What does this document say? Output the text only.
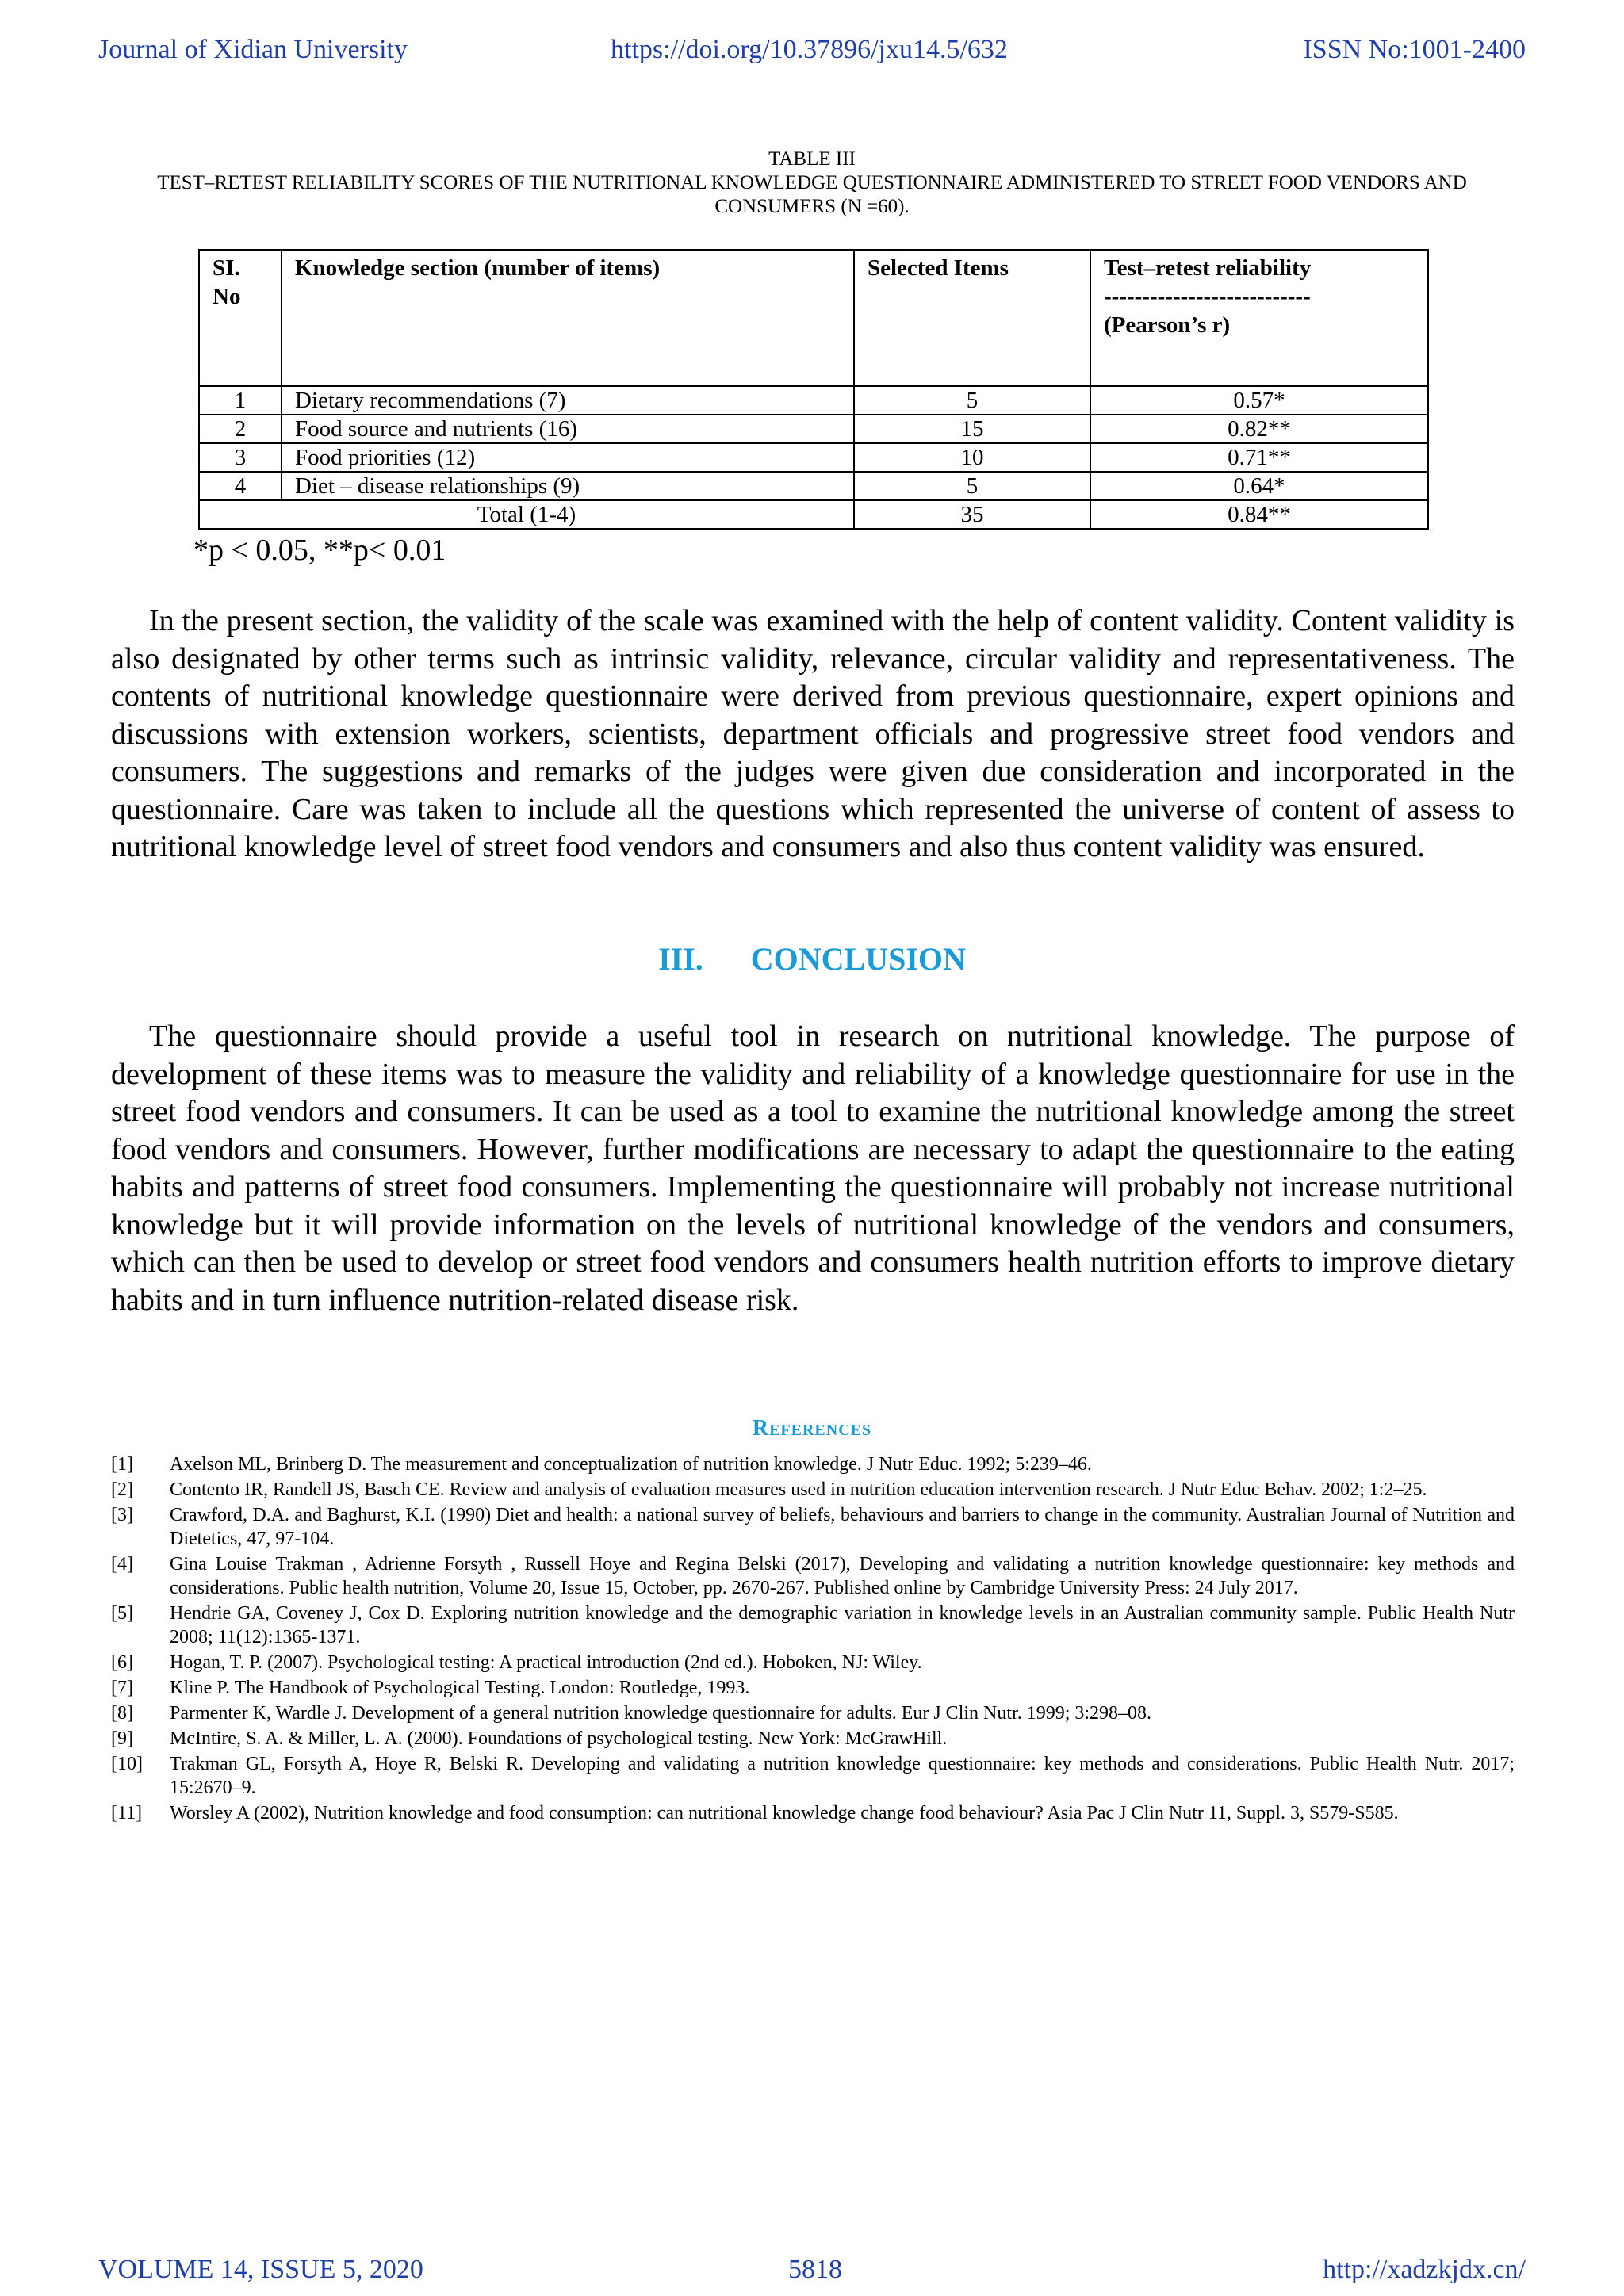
Journal of Xidian University	https://doi.org/10.37896/jxu14.5/632	ISSN No:1001-2400
TABLE III
TEST–RETEST RELIABILITY SCORES OF THE NUTRITIONAL KNOWLEDGE QUESTIONNAIRE ADMINISTERED TO STREET FOOD VENDORS AND CONSUMERS (N =60).
SI. No	Knowledge section (number of items)	Selected Items	Test–retest reliability
---------------------------
(Pearson’s r)

1	Dietary recommendations (7)	5	0.57*
2	Food source and nutrients (16)	15	0.82**
3	Food priorities (12)	10	0.71**
4	Diet – disease relationships (9)	5	0.64*
Total (1-4)		35	0.84**
*p < 0.05, **p< 0.01

In the present section, the validity of the scale was examined with the help of content validity. Content validity is also designated by other terms such as intrinsic validity, relevance, circular validity and representativeness. The contents of nutritional knowledge questionnaire were derived from previous questionnaire, expert opinions and discussions with extension workers, scientists, department officials and progressive street food vendors and consumers. The suggestions and remarks of the judges were given due consideration and incorporated in the questionnaire. Care was taken to include all the questions which represented the universe of content of assess to nutritional knowledge level of street food vendors and consumers and also thus content validity was ensured.

III. CONCLUSION

The questionnaire should provide a useful tool in research on nutritional knowledge. The purpose of development of these items was to measure the validity and reliability of a knowledge questionnaire for use in the street food vendors and consumers. It can be used as a tool to examine the nutritional knowledge among the street food vendors and consumers. However, further modifications are necessary to adapt the questionnaire to the eating habits and patterns of street food consumers. Implementing the questionnaire will probably not increase nutritional knowledge but it will provide information on the levels of nutritional knowledge of the vendors and consumers, which can then be used to develop or street food vendors and consumers health nutrition efforts to improve dietary habits and in turn influence nutrition-related disease risk.

References
[1]	Axelson ML, Brinberg D. The measurement and conceptualization of nutrition knowledge. J Nutr Educ. 1992; 5:239–46.
[2]	Contento IR, Randell JS, Basch CE. Review and analysis of evaluation measures used in nutrition education intervention research. J Nutr Educ Behav. 2002; 1:2–25.
[3]	Crawford, D.A. and Baghurst, K.I. (1990) Diet and health: a national survey of beliefs, behaviours and barriers to change in the community. Australian Journal of Nutrition and Dietetics, 47, 97-104.
[4]	Gina Louise Trakman , Adrienne Forsyth , Russell Hoye and Regina Belski (2017), Developing and validating a nutrition knowledge questionnaire: key methods and considerations. Public health nutrition, Volume 20, Issue 15, October, pp. 2670-267. Published online by Cambridge University Press: 24 July 2017.
[5]	Hendrie GA, Coveney J, Cox D. Exploring nutrition knowledge and the demographic variation in knowledge levels in an Australian community sample. Public Health Nutr 2008; 11(12):1365-1371.
[6]	Hogan, T. P. (2007). Psychological testing: A practical introduction (2nd ed.). Hoboken, NJ: Wiley.
[7]	Kline P. The Handbook of Psychological Testing. London: Routledge, 1993.
[8]	Parmenter K, Wardle J. Development of a general nutrition knowledge questionnaire for adults. Eur J Clin Nutr. 1999; 3:298–08.
[9]	McIntire, S. A. & Miller, L. A. (2000). Foundations of psychological testing. New York: McGrawHill.
[10]	Trakman GL, Forsyth A, Hoye R, Belski R. Developing and validating a nutrition knowledge questionnaire: key methods and considerations. Public Health Nutr. 2017; 15:2670–9.
[11]	Worsley A (2002), Nutrition knowledge and food consumption: can nutritional knowledge change food behaviour? Asia Pac J Clin Nutr 11, Suppl. 3, S579-S585.
VOLUME 14, ISSUE 5, 2020	5818	http://xadzkjdx.cn/
